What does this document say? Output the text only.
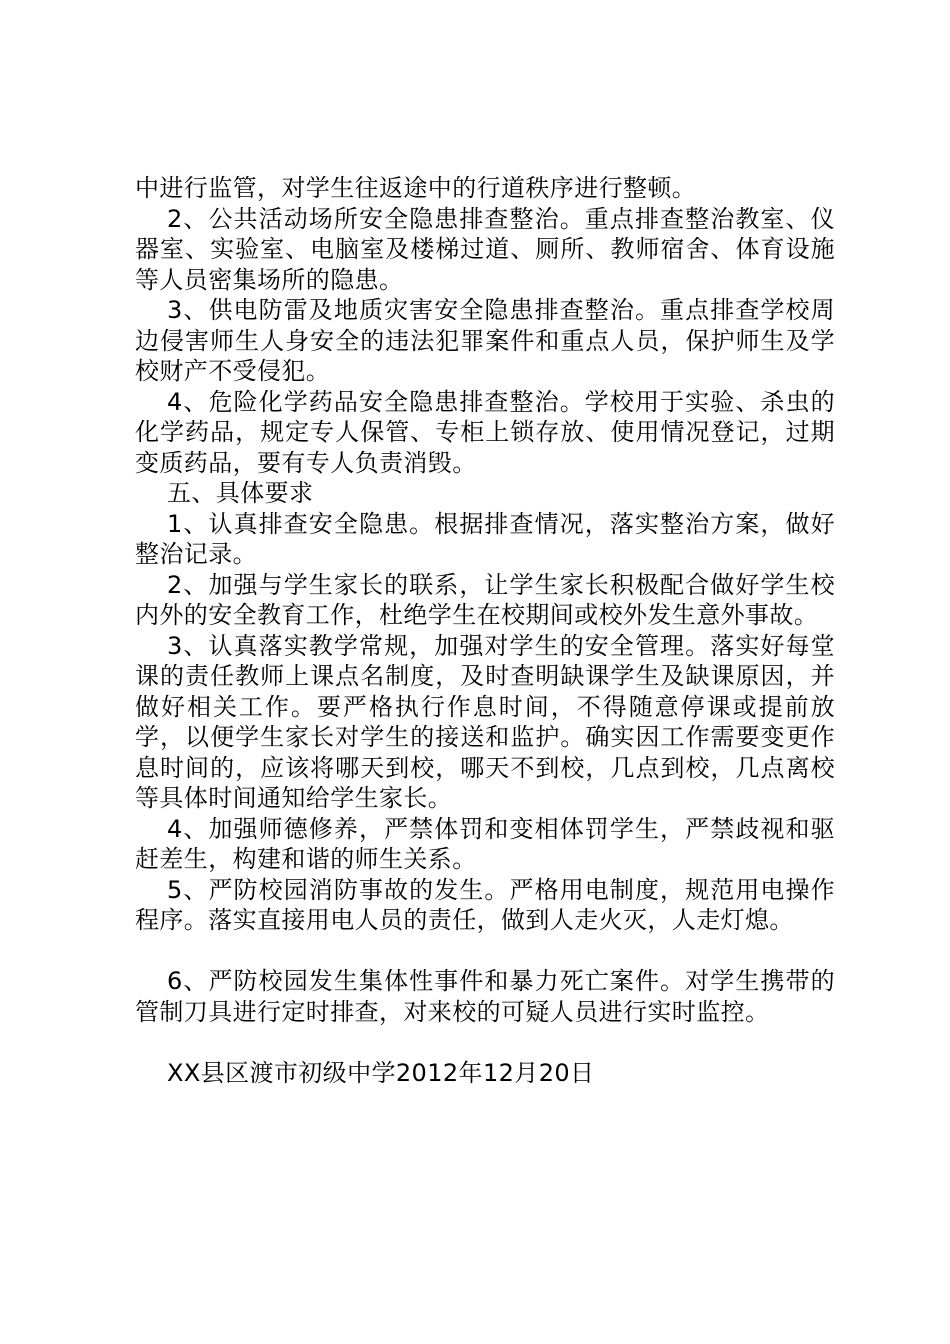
中进行监管，对学生往返途中的行道秩序进行整顿。

2、公共活动场所安全隐患排查整治。重点排查整治教室、仪器室、实验室、电脑室及楼梯过道、厕所、教师宿舍、体育设施等人员密集场所的隐患。

3、供电防雷及地质灾害安全隐患排查整治。重点排查学校周边侵害师生人身安全的违法犯罪案件和重点人员，保护师生及学校财产不受侵犯。

4、危险化学药品安全隐患排查整治。学校用于实验、杀虫的化学药品，规定专人保管、专柜上锁存放、使用情况登记，过期变质药品，要有专人负责消毁。

五、具体要求

1、认真排查安全隐患。根据排查情况，落实整治方案，做好整治记录。

2、加强与学生家长的联系，让学生家长积极配合做好学生校内外的安全教育工作，杜绝学生在校期间或校外发生意外事故。

3、认真落实教学常规，加强对学生的安全管理。落实好每堂课的责任教师上课点名制度，及时查明缺课学生及缺课原因，并做好相关工作。要严格执行作息时间，不得随意停课或提前放学，以便学生家长对学生的接送和监护。确实因工作需要变更作息时间的，应该将哪天到校，哪天不到校，几点到校，几点离校等具体时间通知给学生家长。

4、加强师德修养，严禁体罚和变相体罚学生，严禁歧视和驱赶差生，构建和谐的师生关系。

5、严防校园消防事故的发生。严格用电制度，规范用电操作程序。落实直接用电人员的责任，做到人走火灭，人走灯熄。

6、严防校园发生集体性事件和暴力死亡案件。对学生携带的管制刀具进行定时排查，对来校的可疑人员进行实时监控。

XX县区渡市初级中学2012年12月20日
